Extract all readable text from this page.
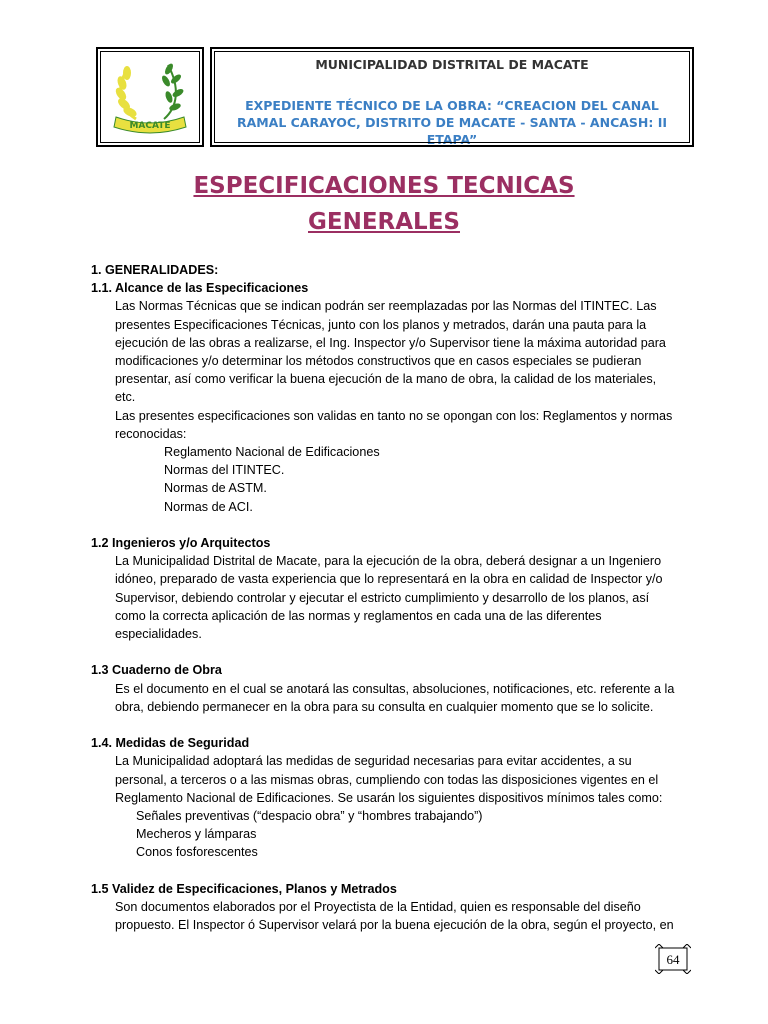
MACATE
MUNICIPALIDAD DISTRITAL DE MACATE
EXPEDIENTE TÉCNICO DE LA OBRA: “CREACION DEL CANAL RAMAL CARAYOC, DISTRITO DE MACATE - SANTA - ANCASH: II ETAPA”
ESPECIFICACIONES TECNICAS
GENERALES
1. GENERALIDADES:
1.1. Alcance de las Especificaciones
Las Normas Técnicas que se indican podrán ser reemplazadas por las Normas del ITINTEC. Las
presentes Especificaciones Técnicas, junto con los planos y metrados, darán una pauta para la
ejecución de las obras a realizarse, el Ing. Inspector y/o Supervisor tiene la máxima autoridad para
modificaciones y/o determinar los métodos constructivos que en casos especiales se pudieran
presentar, así como verificar la buena ejecución de la mano de obra, la calidad de los materiales,
etc.
Las presentes especificaciones son validas en tanto no se opongan con los: Reglamentos y normas
reconocidas:
Reglamento Nacional de Edificaciones
Normas del ITINTEC.
Normas de ASTM.
Normas de ACI.
1.2 Ingenieros y/o Arquitectos
La Municipalidad Distrital de Macate, para la ejecución de la obra, deberá designar a un Ingeniero
idóneo, preparado de vasta experiencia que lo representará en la obra en calidad de Inspector y/o
Supervisor, debiendo controlar y ejecutar el estricto cumplimiento y desarrollo de los planos, así
como la correcta aplicación de las normas y reglamentos en cada una de las diferentes
especialidades.
1.3 Cuaderno de Obra
Es el documento en el cual se anotará las consultas, absoluciones, notificaciones, etc. referente a la
obra, debiendo permanecer en la obra para su consulta en cualquier momento que se lo solicite.
1.4. Medidas de Seguridad
La Municipalidad adoptará las medidas de seguridad necesarias para evitar accidentes, a su
personal, a terceros o a las mismas obras, cumpliendo con todas las disposiciones vigentes en el
Reglamento Nacional de Edificaciones. Se usarán los siguientes dispositivos mínimos tales como:
Señales preventivas (“despacio obra” y “hombres trabajando”)
Mecheros y lámparas
Conos fosforescentes
1.5 Validez de Especificaciones, Planos y Metrados
Son documentos elaborados por el Proyectista de la Entidad, quien es responsable del diseño
propuesto. El Inspector ó Supervisor velará por la buena ejecución de la obra, según el proyecto, en
64
